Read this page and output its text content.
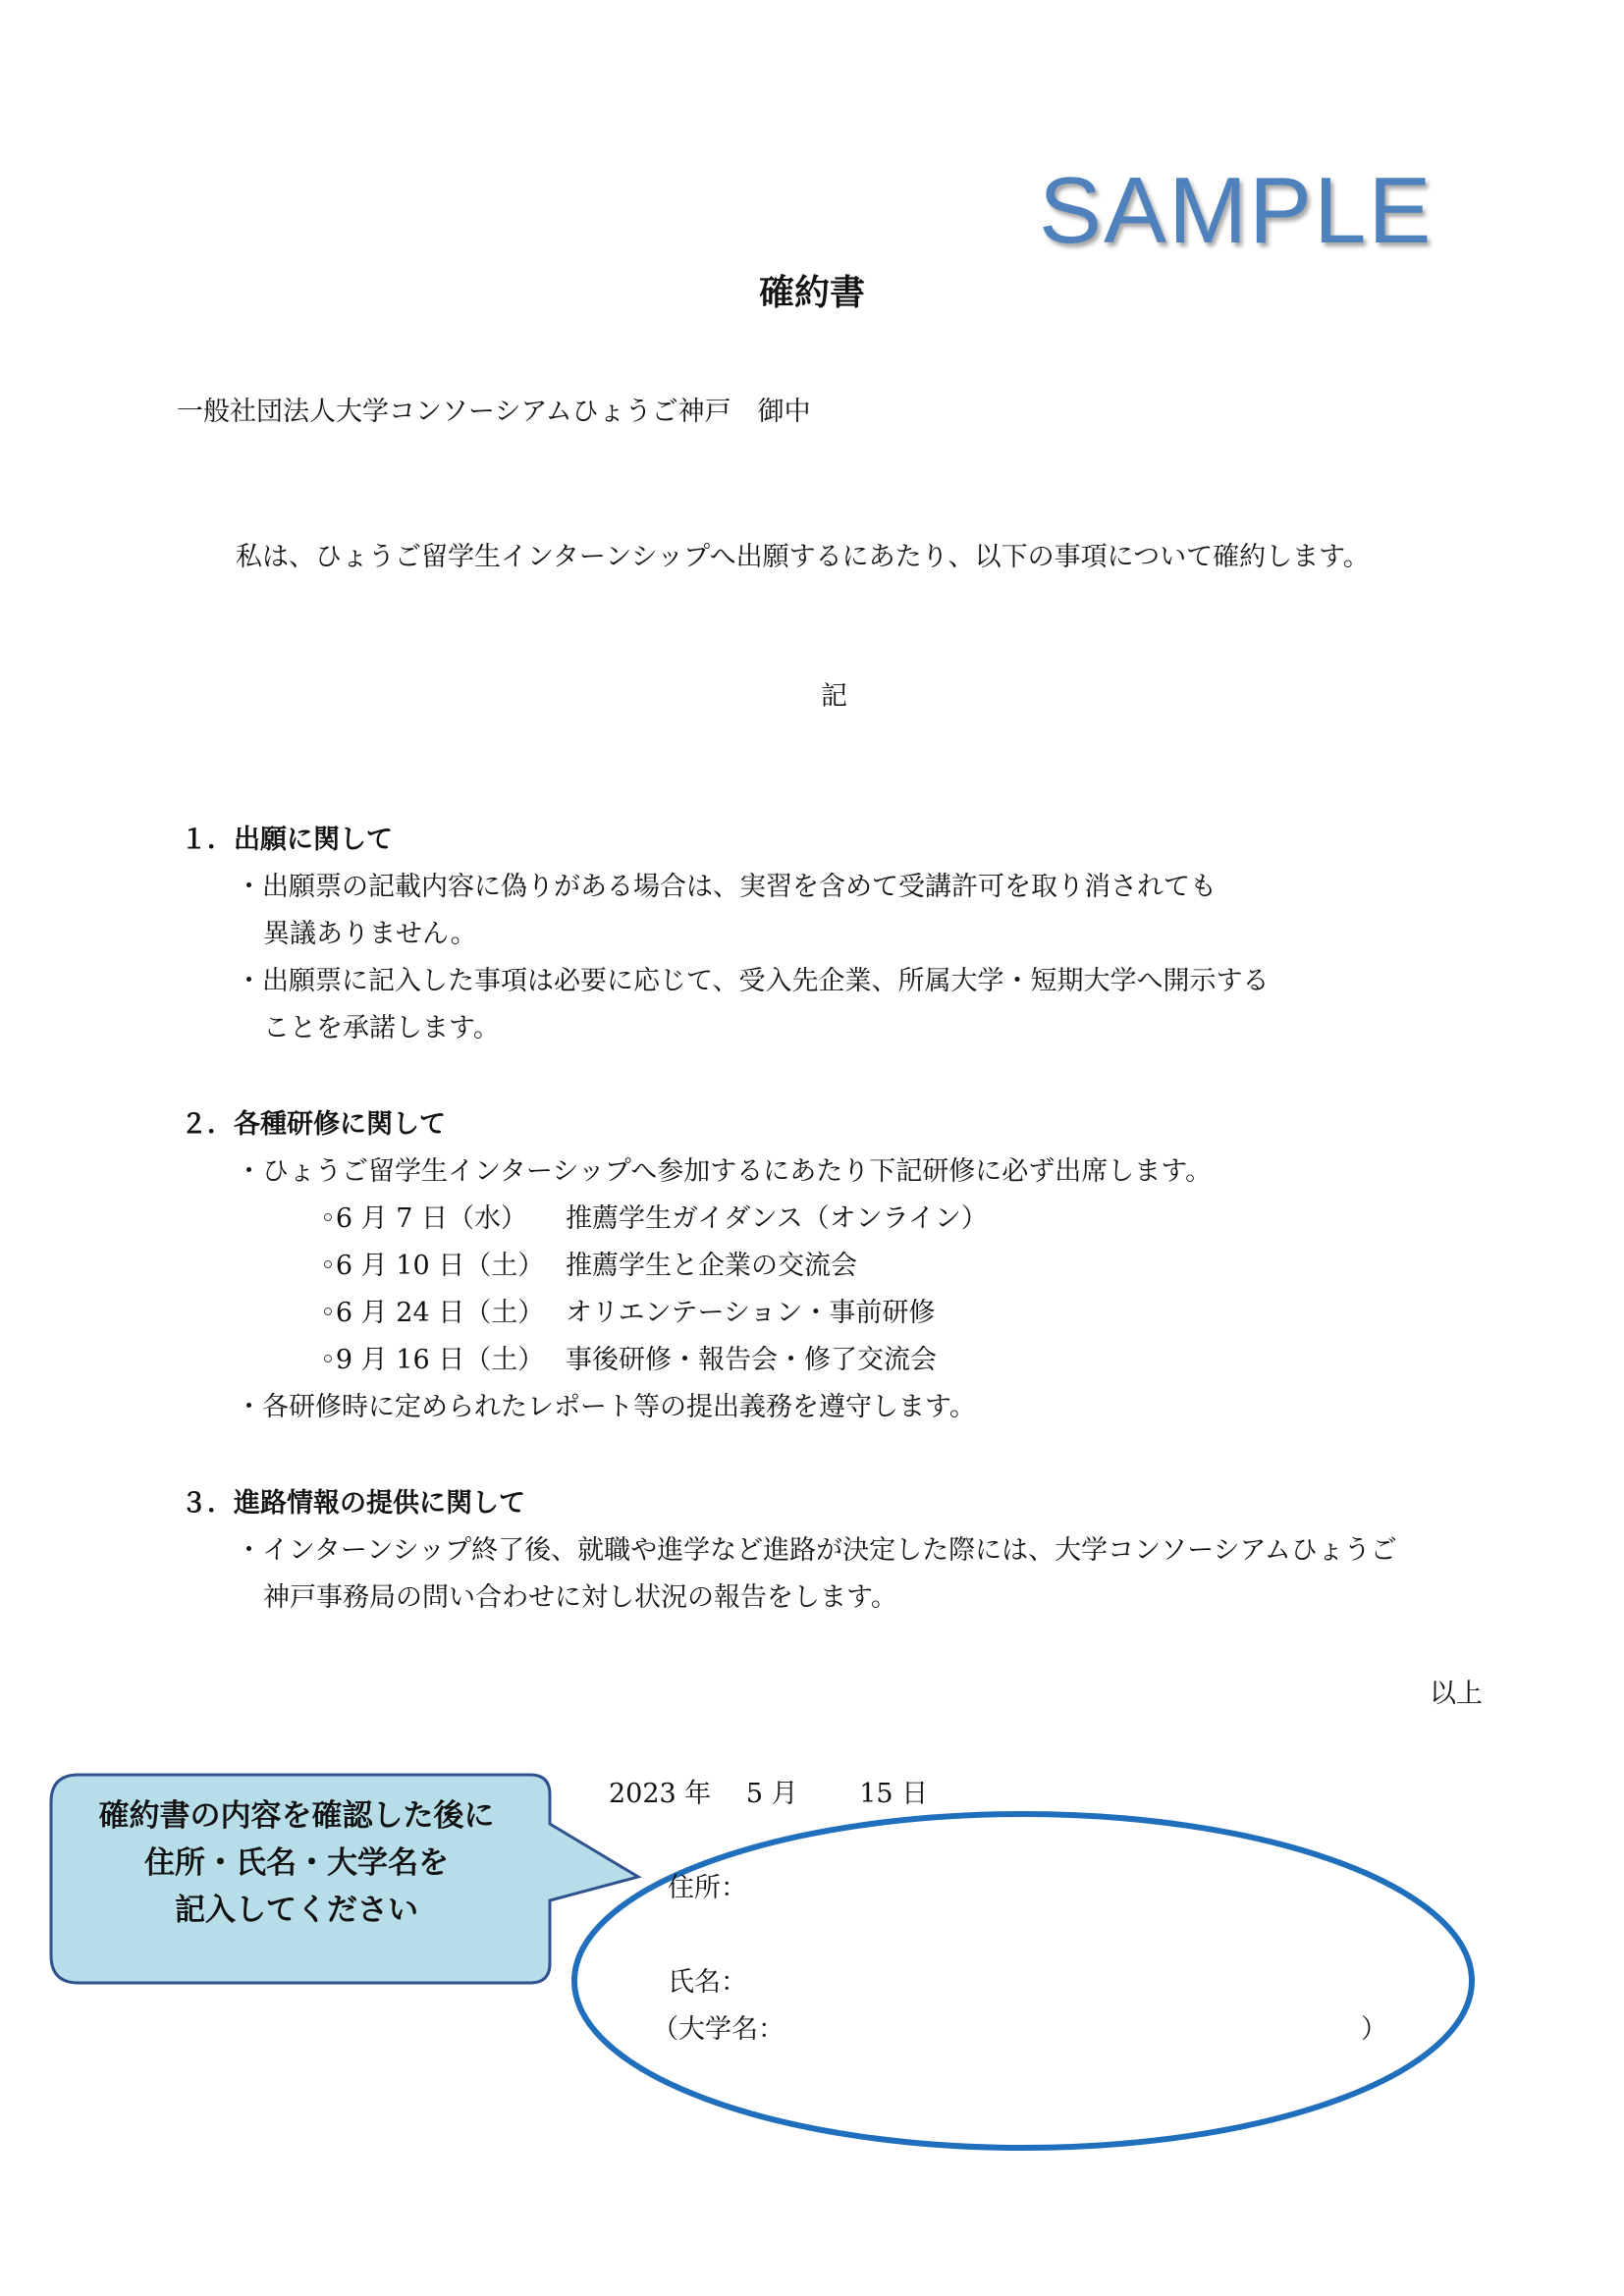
SAMPLE
確約書
一般社団法人大学コンソーシアムひょうご神戸　御中
私は、ひょうご留学生インターンシップへ出願するにあたり、以下の事項について確約します。
記
１．出願に関して
・出願票の記載内容に偽りがある場合は、実習を含めて受講許可を取り消されても
異議ありません。
・出願票に記入した事項は必要に応じて、受入先企業、所属大学・短期大学へ開示する
ことを承諾します。
２．各種研修に関して
・ひょうご留学生インターシップへ参加するにあたり下記研修に必ず出席します。
◦6 月 7 日（水） 推薦学生ガイダンス（オンライン）
◦6 月 10 日（土） 推薦学生と企業の交流会
◦6 月 24 日（土） オリエンテーション・事前研修
◦9 月 16 日（土） 事後研修・報告会・修了交流会
・各研修時に定められたレポート等の提出義務を遵守します。
３．進路情報の提供に関して
・インターンシップ終了後、就職や進学など進路が決定した際には、大学コンソーシアムひょうご
神戸事務局の問い合わせに対し状況の報告をします。
以上
2023 年　 5 月　　 15 日
確約書の内容を確認した後に
住所・氏名・大学名を
記入してください
住所：
氏名：
（大学名：	）
